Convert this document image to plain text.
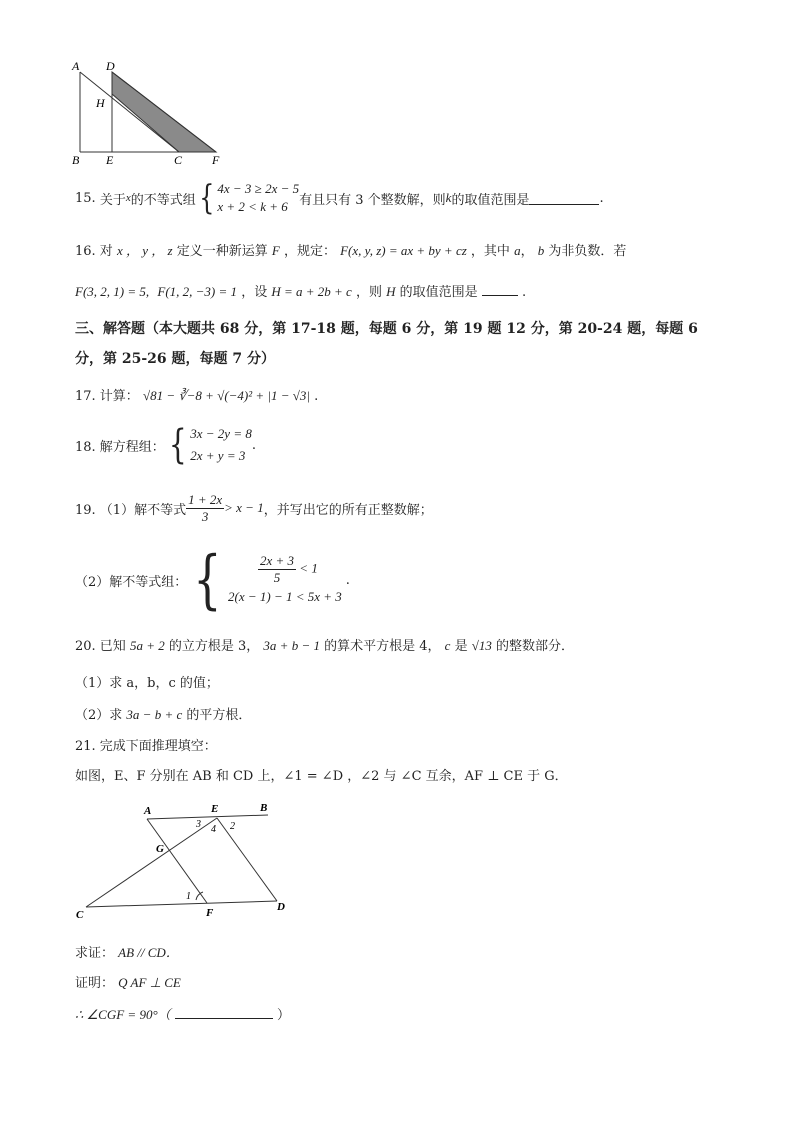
A D
H
B E	C F
15.
关于 x 的不等式组 { 4x − 3 ≥ 2x − 5
x + 2 < k + 6 有且只有 3 个整数解，则 k 的取值范围是	.
16. 对 x ， y ， z 定义一种新运算 F ，规定： F(x, y, z) = ax + by + cz ，其中 a， b 为非负数．若
F(3, 2, 1) = 5, F(1, 2, −3) = 1 ，设 H = a + 2b + c ，则 H 的取值范围是	.
三、解答题（本大题共 68 分，第 17-18 题，每题 6 分，第 19 题 12 分，第 20-24 题，每题 6
分，第 25-26 题，每题 7 分）
17. 计算： √81 − ∛−8 + √(−4)² + |1 − √3| .
18. 解方程组： { 3x − 2y = 8
2x + y = 3
.
19. （1）解不等式 $\frac{1 + 2x}{3} > x - 1$ ，并写出它的所有正整数解；
（2）解不等式组： {	$\frac{2x + 3}{5} < 1$
2(x − 1) − 1 < 5x + 3
.
20. 已知 5a + 2 的立方根是 3， 3a + b − 1 的算术平方根是 4， c 是 √13 的整数部分．
（1）求 a，b，c 的值；
（2）求 3a − b + c 的平方根．
21. 完成下面推理填空：
如图，E、F 分别在 AB 和 CD 上，∠1 = ∠D ，∠2 与 ∠C 互余，AF ⊥ CE 于 G．
A	E	B
G
C	F	D
1
2
3 4
求证： AB // CD．
证明： Q AF ⊥ CE
∴ ∠CGF = 90°（	）
